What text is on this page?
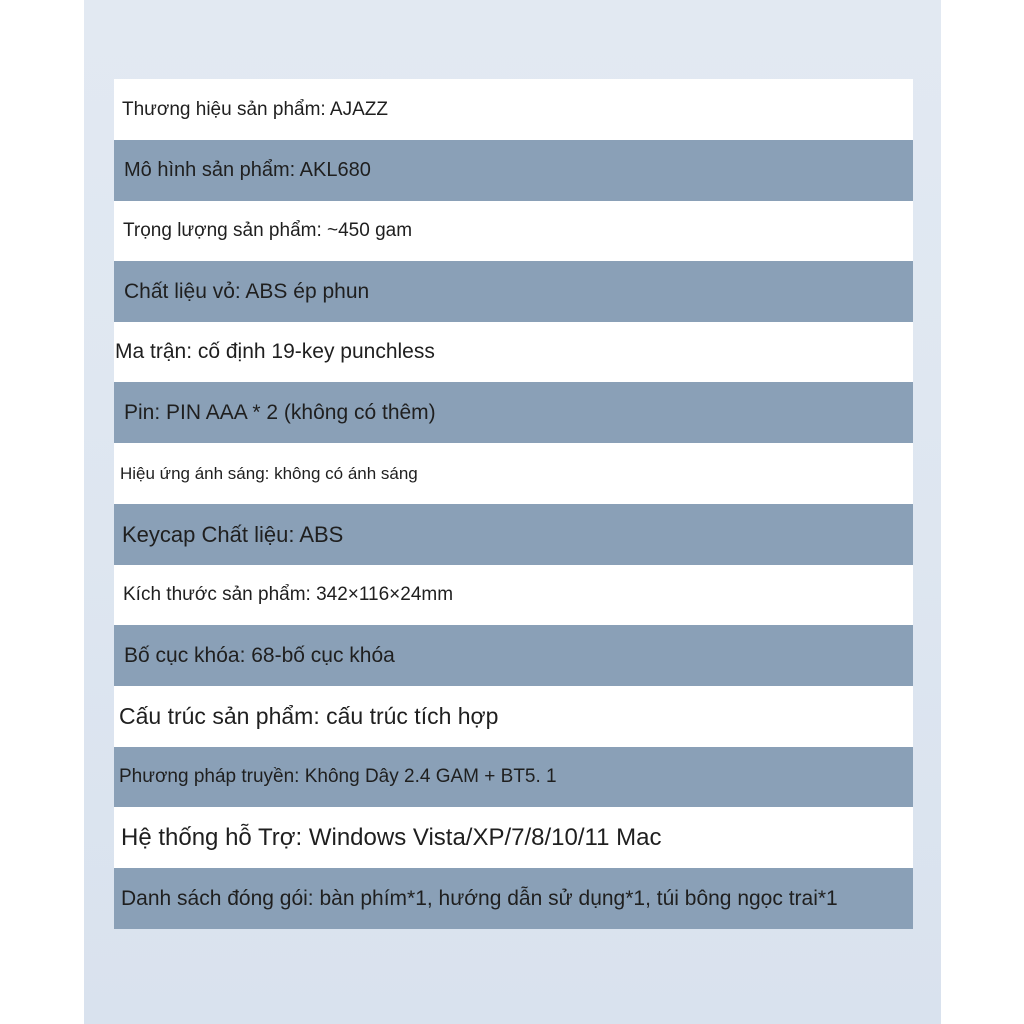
Thương hiệu sản phẩm: AJAZZ
Mô hình sản phẩm: AKL680
Trọng lượng sản phẩm: ~450 gam
Chất liệu vỏ: ABS ép phun
Ma trận: cố định 19-key punchless
Pin: PIN AAA * 2 (không có thêm)
Hiệu ứng ánh sáng: không có ánh sáng
Keycap Chất liệu: ABS
Kích thước sản phẩm: 342×116×24mm
Bố cục khóa: 68-bố cục khóa
Cấu trúc sản phẩm: cấu trúc tích hợp
Phương pháp truyền: Không Dây 2.4 GAM + BT5. 1
Hệ thống hỗ Trợ: Windows Vista/XP/7/8/10/11 Mac
Danh sách đóng gói: bàn phím*1, hướng dẫn sử dụng*1, túi bông ngọc trai*1
